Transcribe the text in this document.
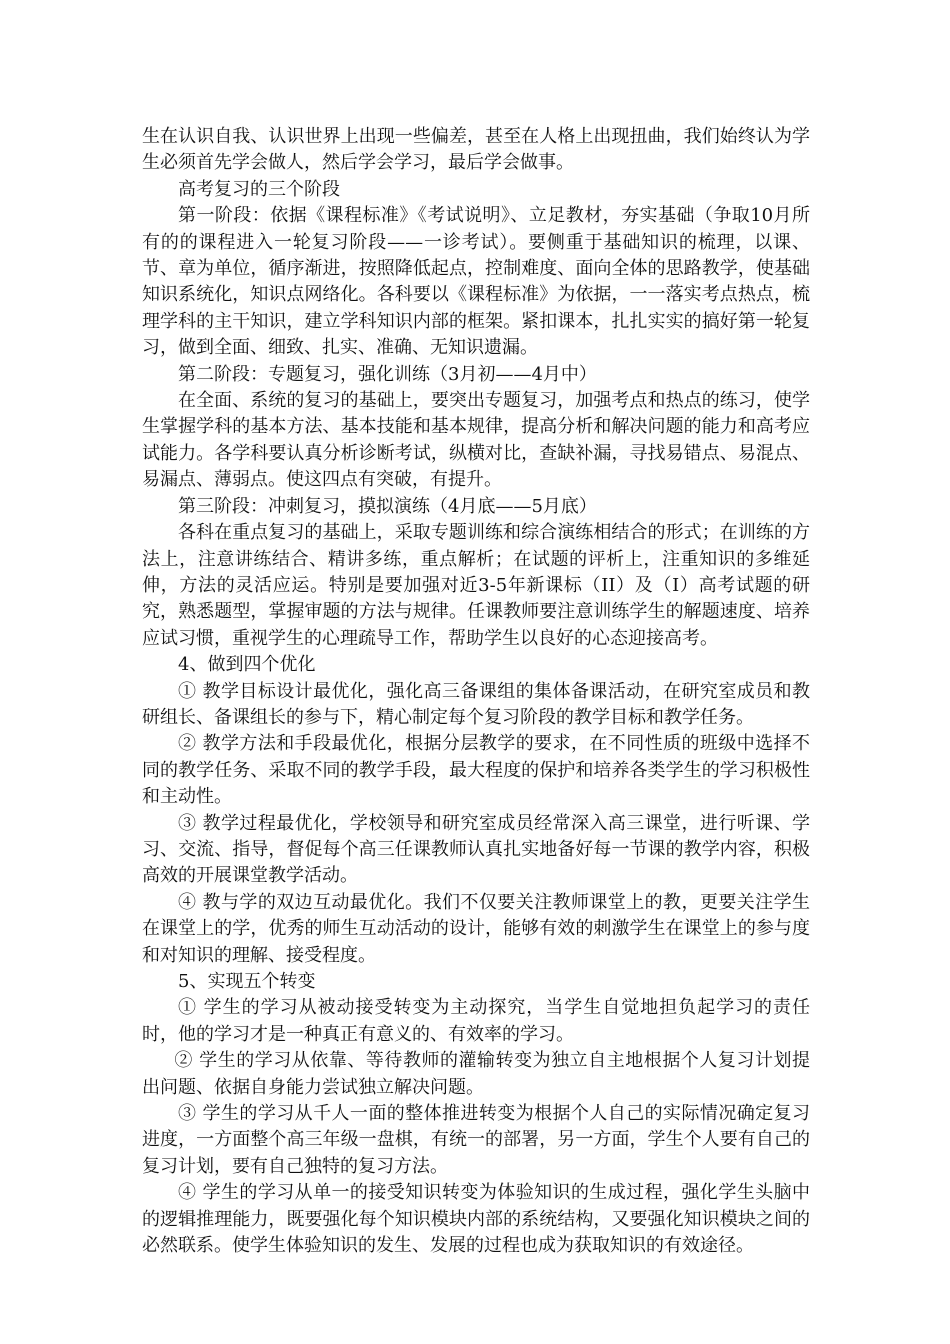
生在认识自我、认识世界上出现一些偏差，甚至在人格上出现扭曲，我们始终认为学生必须首先学会做人，然后学会学习，最后学会做事。

高考复习的三个阶段

第一阶段：依据《课程标准》《考试说明》、立足教材，夯实基础（争取10月所有的的课程进入一轮复习阶段——一诊考试）。要侧重于基础知识的梳理，以课、节、章为单位，循序渐进，按照降低起点，控制难度、面向全体的思路教学，使基础知识系统化，知识点网络化。各科要以《课程标准》为依据，一一落实考点热点，梳理学科的主干知识，建立学科知识内部的框架。紧扣课本，扎扎实实的搞好第一轮复习，做到全面、细致、扎实、准确、无知识遗漏。

第二阶段：专题复习，强化训练（3月初——4月中）

在全面、系统的复习的基础上，要突出专题复习，加强考点和热点的练习，使学生掌握学科的基本方法、基本技能和基本规律，提高分析和解决问题的能力和高考应试能力。各学科要认真分析诊断考试，纵横对比，查缺补漏，寻找易错点、易混点、易漏点、薄弱点。使这四点有突破，有提升。

第三阶段：冲刺复习，摸拟演练（4月底——5月底）

各科在重点复习的基础上，采取专题训练和综合演练相结合的形式；在训练的方法上，注意讲练结合、精讲多练，重点解析；在试题的评析上，注重知识的多维延伸，方法的灵活应运。特别是要加强对近3-5年新课标（II）及（I）高考试题的研究，熟悉题型，掌握审题的方法与规律。任课教师要注意训练学生的解题速度、培养应试习惯，重视学生的心理疏导工作，帮助学生以良好的心态迎接高考。

4、做到四个优化

① 教学目标设计最优化，强化高三备课组的集体备课活动，在研究室成员和教研组长、备课组长的参与下，精心制定每个复习阶段的教学目标和教学任务。

② 教学方法和手段最优化，根据分层教学的要求，在不同性质的班级中选择不同的教学任务、采取不同的教学手段，最大程度的保护和培养各类学生的学习积极性和主动性。

③ 教学过程最优化，学校领导和研究室成员经常深入高三课堂，进行听课、学习、交流、指导，督促每个高三任课教师认真扎实地备好每一节课的教学内容，积极高效的开展课堂教学活动。

④ 教与学的双边互动最优化。我们不仅要关注教师课堂上的教，更要关注学生在课堂上的学，优秀的师生互动活动的设计，能够有效的刺激学生在课堂上的参与度和对知识的理解、接受程度。

5、实现五个转变

① 学生的学习从被动接受转变为主动探究，当学生自觉地担负起学习的责任时，他的学习才是一种真正有意义的、有效率的学习。

② 学生的学习从依靠、等待教师的灌输转变为独立自主地根据个人复习计划提出问题、依据自身能力尝试独立解决问题。

③ 学生的学习从千人一面的整体推进转变为根据个人自己的实际情况确定复习进度，一方面整个高三年级一盘棋，有统一的部署，另一方面，学生个人要有自己的复习计划，要有自己独特的复习方法。

④ 学生的学习从单一的接受知识转变为体验知识的生成过程，强化学生头脑中的逻辑推理能力，既要强化每个知识模块内部的系统结构，又要强化知识模块之间的必然联系。使学生体验知识的发生、发展的过程也成为获取知识的有效途径。
